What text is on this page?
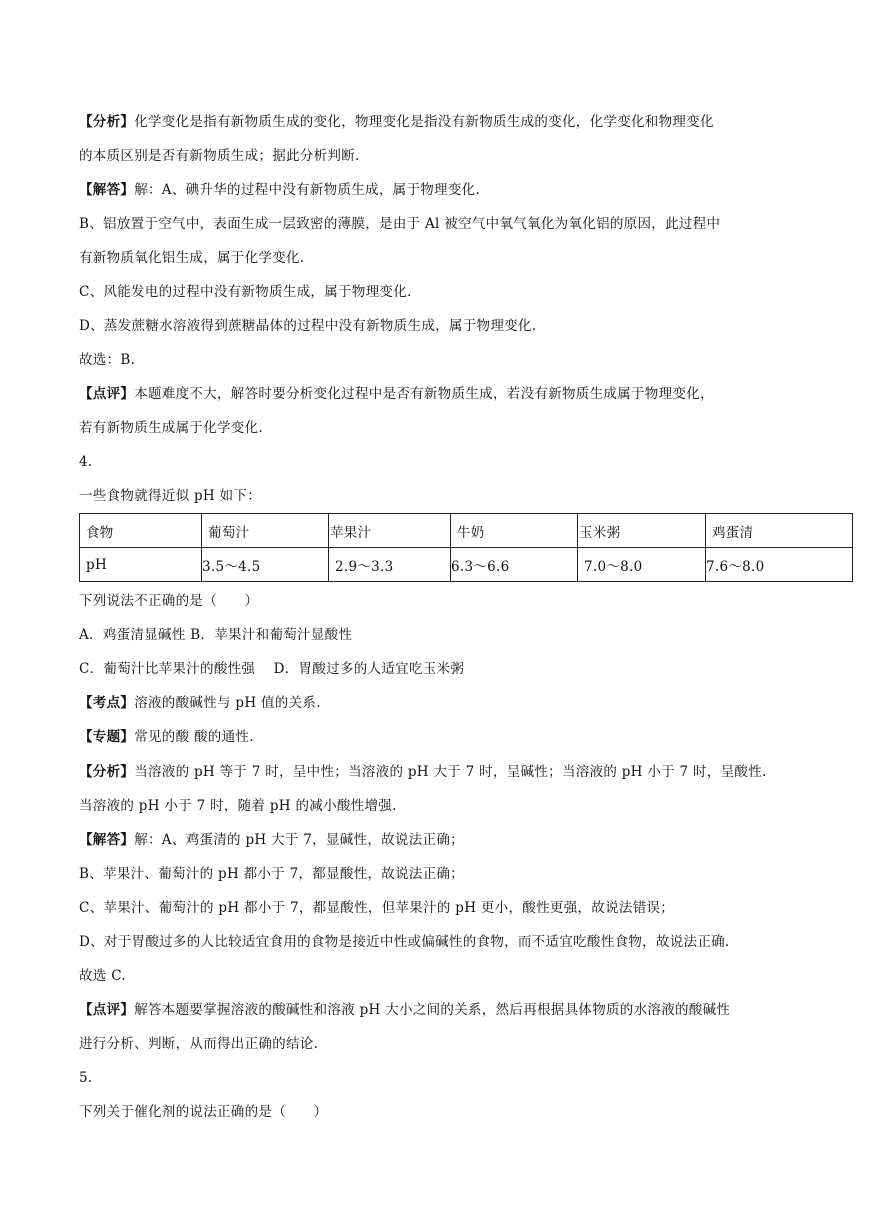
【分析】化学变化是指有新物质生成的变化，物理变化是指没有新物质生成的变化，化学变化和物理变化
的本质区别是否有新物质生成；据此分析判断.
【解答】解：A、碘升华的过程中没有新物质生成，属于物理变化.
B、铝放置于空气中，表面生成一层致密的薄膜，是由于 Al 被空气中氧气氧化为氧化铝的原因，此过程中
有新物质氧化铝生成，属于化学变化.
C、风能发电的过程中没有新物质生成，属于物理变化.
D、蒸发蔗糖水溶液得到蔗糖晶体的过程中没有新物质生成，属于物理变化.
故选：B.
【点评】本题难度不大，解答时要分析变化过程中是否有新物质生成，若没有新物质生成属于物理变化，
若有新物质生成属于化学变化.
4.
一些食物就得近似 pH 如下：
食物	葡萄汁	苹果汁	牛奶	玉米粥	鸡蛋清
pH	3.5～4.5	2.9～3.3	6.3～6.6	7.0～8.0	7.6～8.0
下列说法不正确的是（　　）
A．鸡蛋清显碱性 B．苹果汁和葡萄汁显酸性
C．葡萄汁比苹果汁的酸性强　 D．胃酸过多的人适宜吃玉米粥
【考点】溶液的酸碱性与 pH 值的关系.
【专题】常见的酸 酸的通性.
【分析】当溶液的 pH 等于 7 时，呈中性；当溶液的 pH 大于 7 时，呈碱性；当溶液的 pH 小于 7 时，呈酸性.
当溶液的 pH 小于 7 时，随着 pH 的减小酸性增强.
【解答】解：A、鸡蛋清的 pH 大于 7，显碱性，故说法正确；
B、苹果汁、葡萄汁的 pH 都小于 7，都显酸性，故说法正确；
C、苹果汁、葡萄汁的 pH 都小于 7，都显酸性，但苹果汁的 pH 更小，酸性更强，故说法错误；
D、对于胃酸过多的人比较适宜食用的食物是接近中性或偏碱性的食物，而不适宜吃酸性食物，故说法正确.
故选 C.
【点评】解答本题要掌握溶液的酸碱性和溶液 pH 大小之间的关系，然后再根据具体物质的水溶液的酸碱性
进行分析、判断，从而得出正确的结论.
5.
下列关于催化剂的说法正确的是（　　）
